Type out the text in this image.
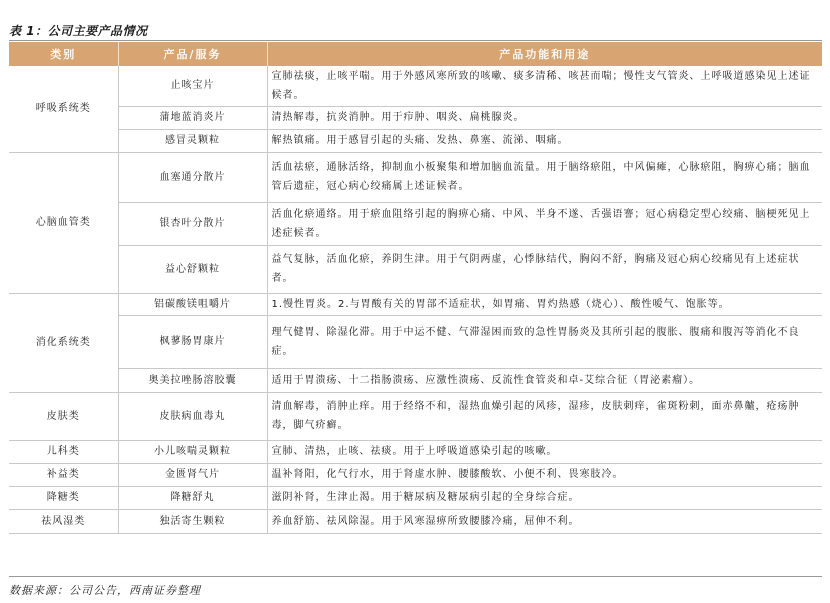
表 1：公司主要产品情况
类别	产品/服务	产品功能和用途
呼吸系统类	止咳宝片	宣肺祛痰，止咳平喘。用于外感风寒所致的咳嗽、痰多清稀、咳甚而喘；慢性支气管炎、上呼吸道感染见上述证候者。
	蒲地蓝消炎片	清热解毒，抗炎消肿。用于疖肿、咽炎、扁桃腺炎。
	感冒灵颗粒	解热镇痛。用于感冒引起的头痛、发热、鼻塞、流涕、咽痛。
心脑血管类	血塞通分散片	活血祛瘀，通脉活络，抑制血小板聚集和增加脑血流量。用于脑络瘀阻，中风偏瘫，心脉瘀阻，胸痹心痛；脑血管后遗症，冠心病心绞痛属上述证候者。
	银杏叶分散片	活血化瘀通络。用于瘀血阻络引起的胸痹心痛、中风、半身不遂、舌强语謇；冠心病稳定型心绞痛、脑梗死见上述症候者。
	益心舒颗粒	益气复脉，活血化瘀，养阴生津。用于气阴两虚，心悸脉结代，胸闷不舒，胸痛及冠心病心绞痛见有上述症状者。
消化系统类	铝碳酸镁咀嚼片	1.慢性胃炎。2.与胃酸有关的胃部不适症状，如胃痛、胃灼热感（烧心）、酸性嗳气、饱胀等。
	枫蓼肠胃康片	理气健胃、除湿化滞。用于中运不健、气滞湿困而致的急性胃肠炎及其所引起的腹胀、腹痛和腹泻等消化不良症。
	奥美拉唑肠溶胶囊	适用于胃溃疡、十二指肠溃疡、应激性溃疡、反流性食管炎和卓-艾综合征（胃泌素瘤）。
皮肤类	皮肤病血毒丸	清血解毒，消肿止痒。用于经络不和，湿热血燥引起的风疹，湿疹，皮肤刺痒，雀斑粉刺，面赤鼻齇，疮疡肿毒，脚气疥癣。
儿科类	小儿咳喘灵颗粒	宣肺、清热，止咳、祛痰。用于上呼吸道感染引起的咳嗽。
补益类	金匮肾气片	温补肾阳，化气行水，用于肾虚水肿、腰膝酸软、小便不利、畏寒肢冷。
降糖类	降糖舒丸	滋阴补肾，生津止渴。用于糖尿病及糖尿病引起的全身综合症。
祛风湿类	独活寄生颗粒	养血舒筋、祛风除湿。用于风寒湿痹所致腰膝冷痛，屈伸不利。
数据来源：公司公告，西南证券整理
